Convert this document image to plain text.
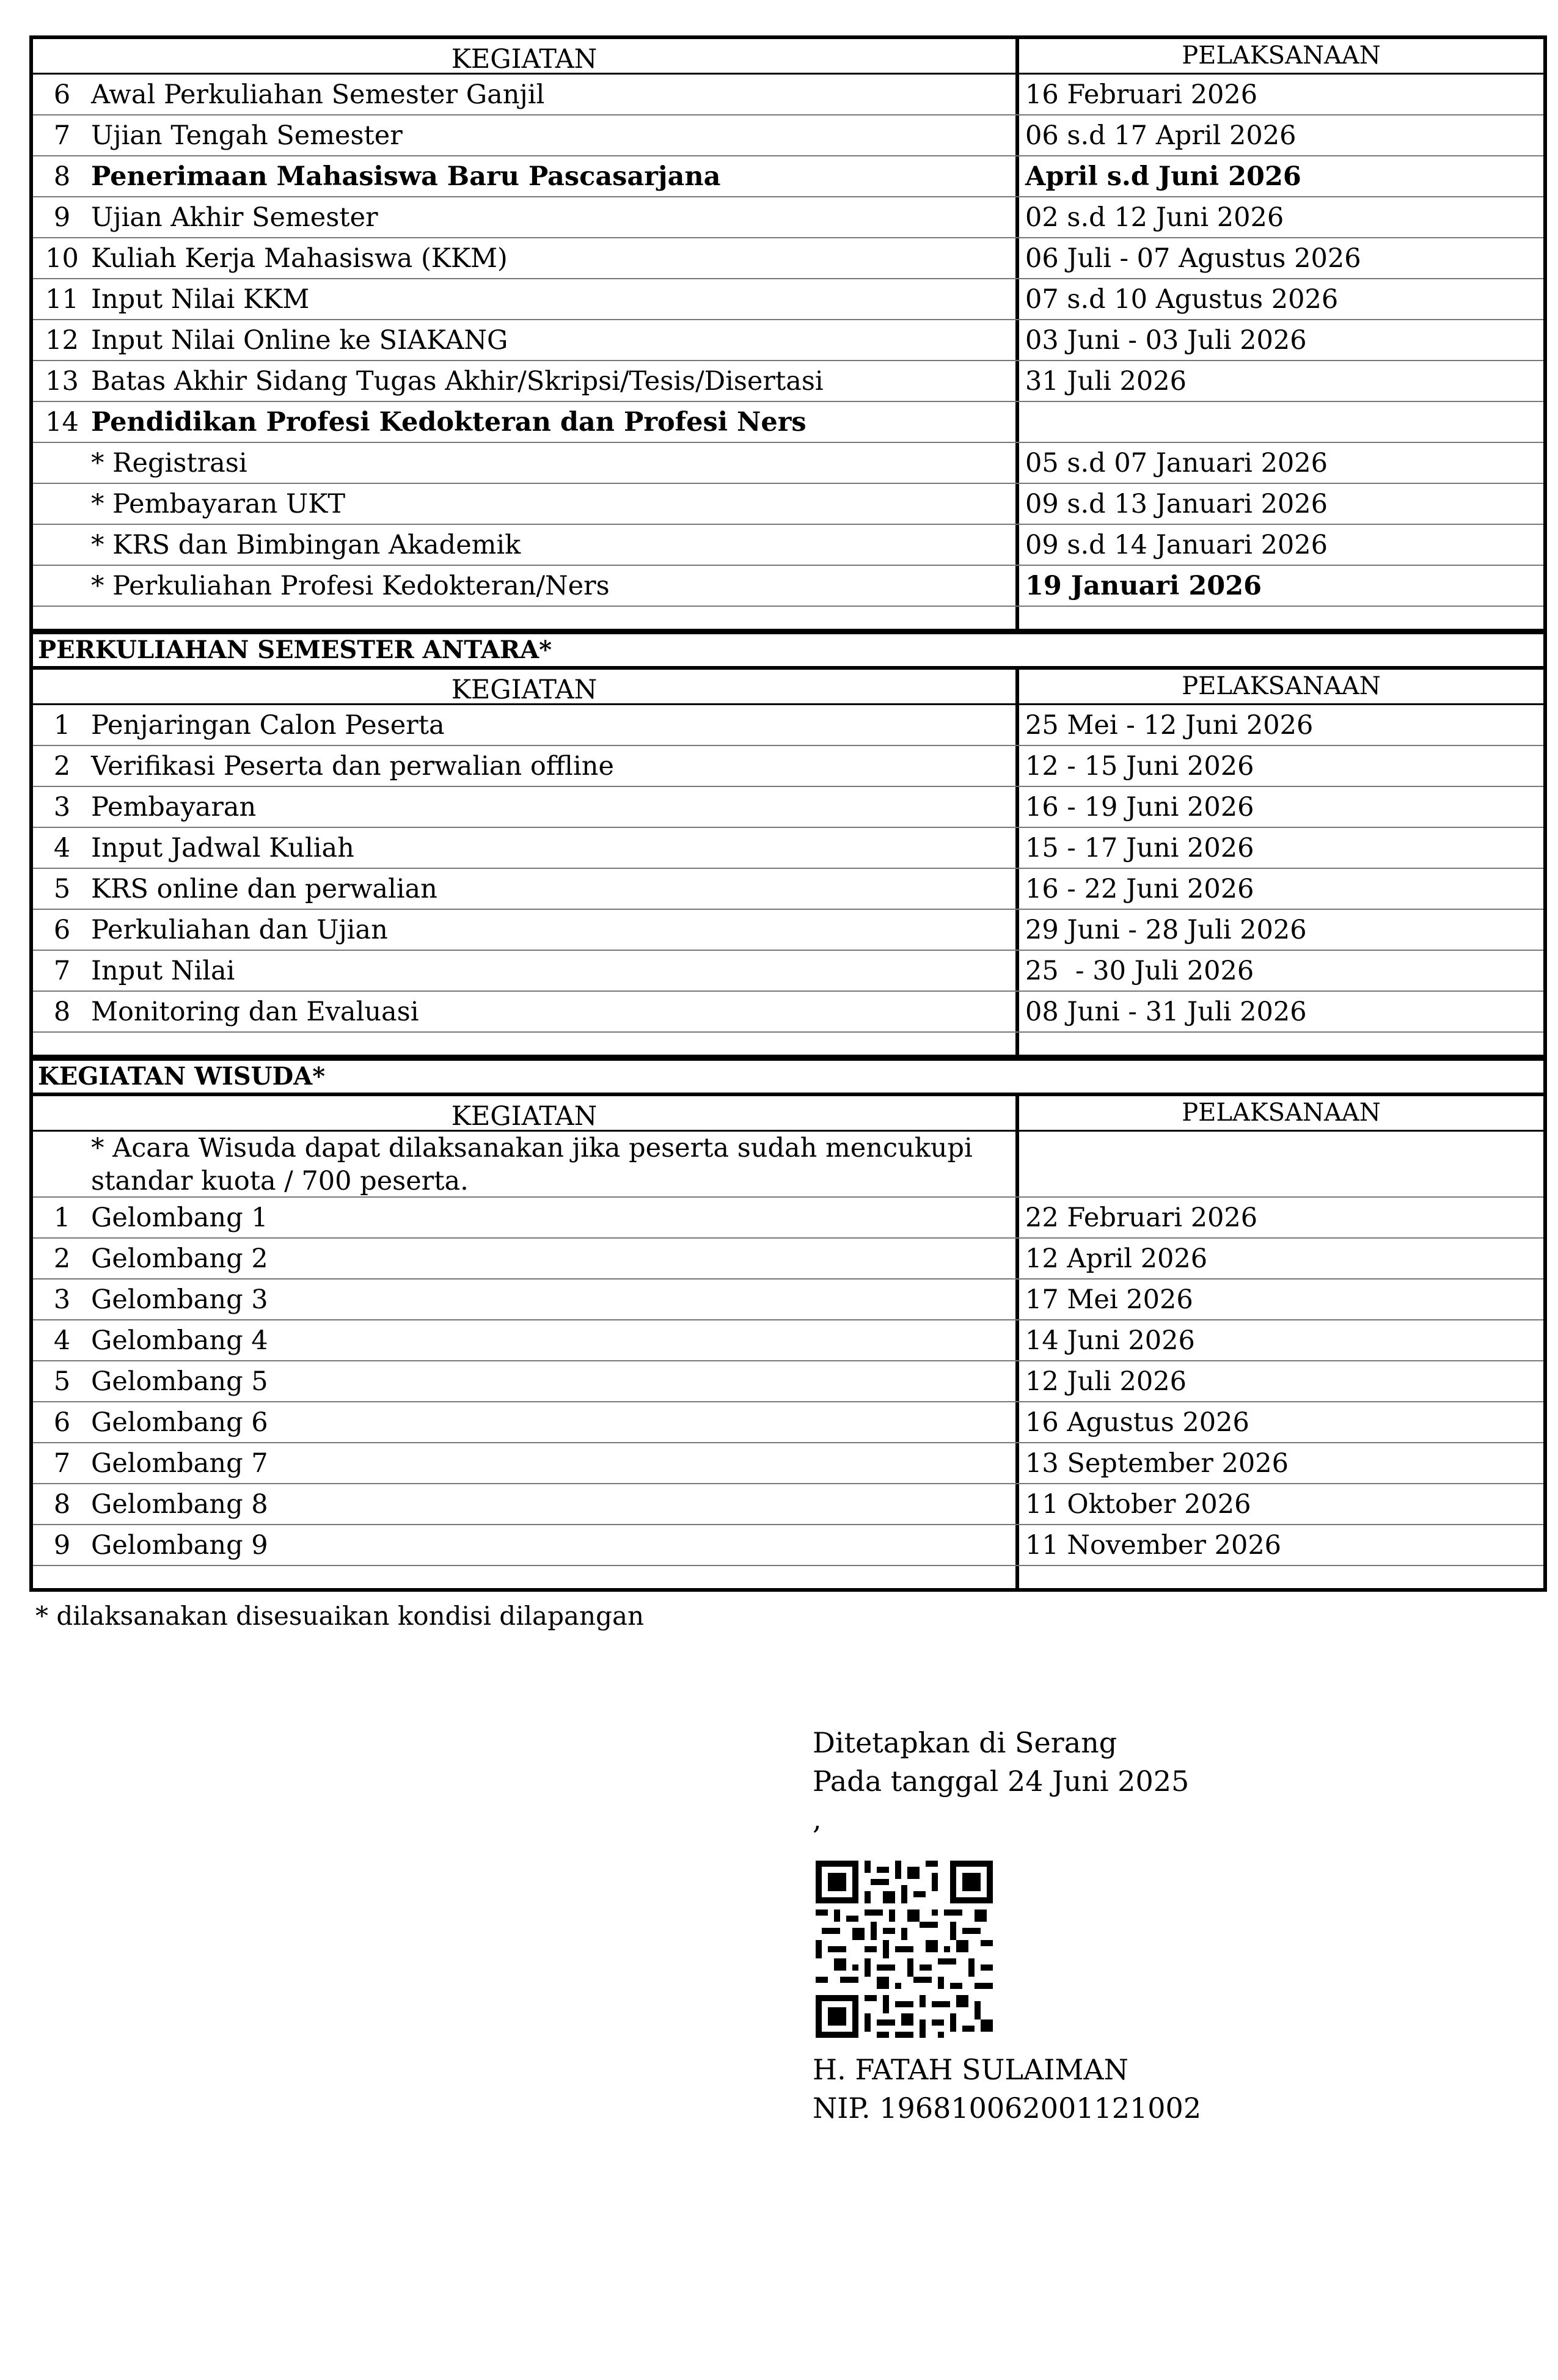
KEGIATAN	PELAKSANAAN
6 Awal Perkuliahan Semester Ganjil	16 Februari 2026
7 Ujian Tengah Semester	06 s.d 17 April 2026
8 Penerimaan Mahasiswa Baru Pascasarjana	April s.d Juni 2026
9 Ujian Akhir Semester	02 s.d 12 Juni 2026
10 Kuliah Kerja Mahasiswa (KKM)	06 Juli - 07 Agustus 2026
11 Input Nilai KKM	07 s.d 10 Agustus 2026
12 Input Nilai Online ke SIAKANG	03 Juni - 03 Juli 2026
13 Batas Akhir Sidang Tugas Akhir/Skripsi/Tesis/Disertasi	31 Juli 2026
14 Pendidikan Profesi Kedokteran dan Profesi Ners
* Registrasi	05 s.d 07 Januari 2026
* Pembayaran UKT	09 s.d 13 Januari 2026
* KRS dan Bimbingan Akademik	09 s.d 14 Januari 2026
* Perkuliahan Profesi Kedokteran/Ners	19 Januari 2026
PERKULIAHAN SEMESTER ANTARA*
KEGIATAN	PELAKSANAAN
1 Penjaringan Calon Peserta	25 Mei - 12 Juni 2026
2 Verifikasi Peserta dan perwalian offline	12 - 15 Juni 2026
3 Pembayaran	16 - 19 Juni 2026
4 Input Jadwal Kuliah	15 - 17 Juni 2026
5 KRS online dan perwalian	16 - 22 Juni 2026
6 Perkuliahan dan Ujian	29 Juni - 28 Juli 2026
7 Input Nilai	25  - 30 Juli 2026
8 Monitoring dan Evaluasi	08 Juni - 31 Juli 2026
KEGIATAN WISUDA*
KEGIATAN	PELAKSANAAN
* Acara Wisuda dapat dilaksanakan jika peserta sudah mencukupi standar kuota / 700 peserta.
1 Gelombang 1	22 Februari 2026
2 Gelombang 2	12 April 2026
3 Gelombang 3	17 Mei 2026
4 Gelombang 4	14 Juni 2026
5 Gelombang 5	12 Juli 2026
6 Gelombang 6	16 Agustus 2026
7 Gelombang 7	13 September 2026
8 Gelombang 8	11 Oktober 2026
9 Gelombang 9	11 November 2026
* dilaksanakan disesuaikan kondisi dilapangan
Ditetapkan di Serang
Pada tanggal 24 Juni 2025
,
H. FATAH SULAIMAN
NIP. 196810062001121002
